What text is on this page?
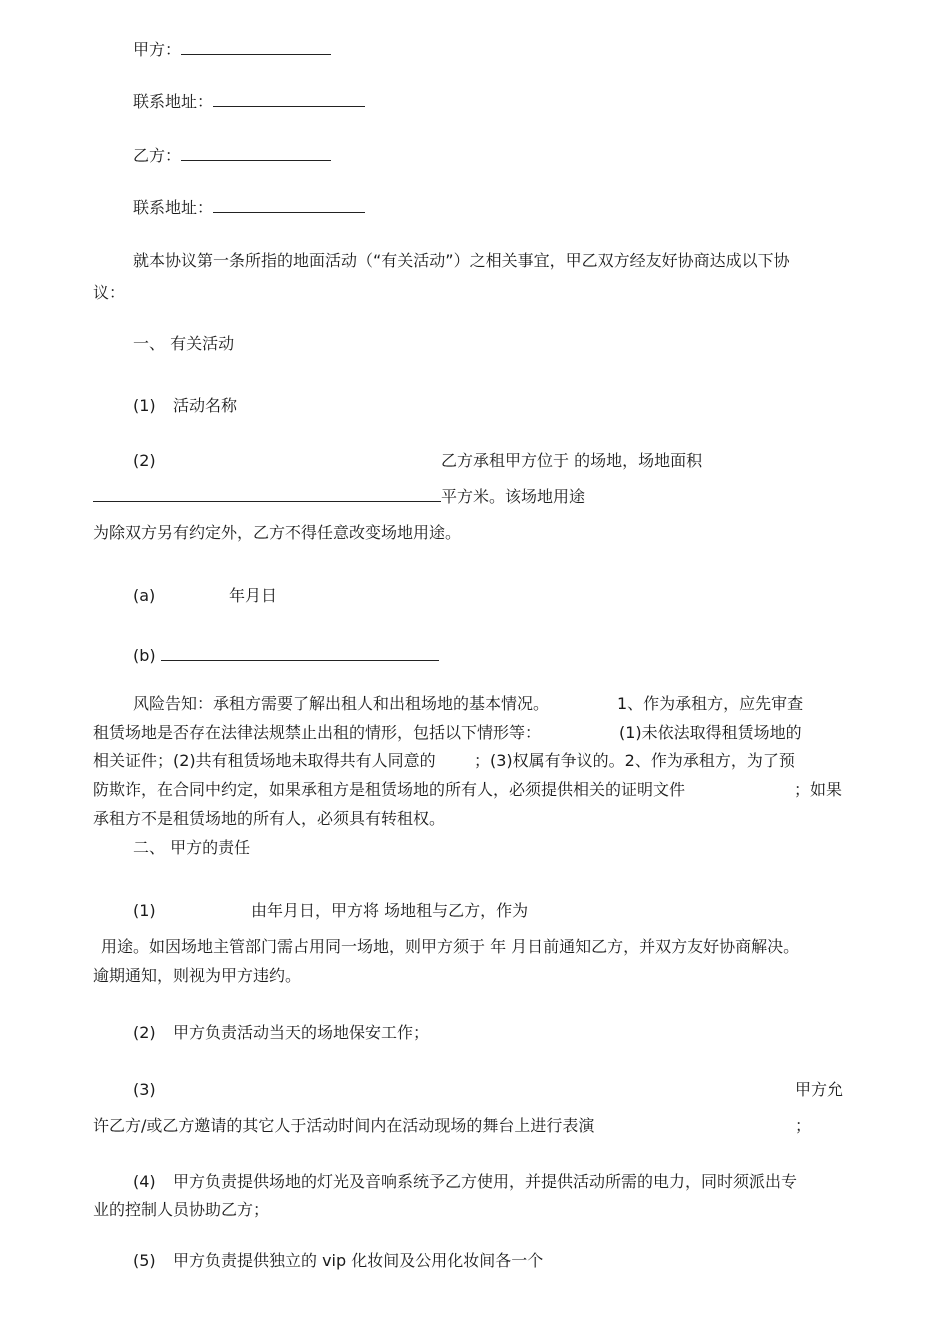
甲方：
联系地址：
乙方：
联系地址：
就本协议第一条所指的地面活动（“有关活动”）之相关事宜，甲乙双方经友好协商达成以下协
议：
一、 有关活动
(1) 活动名称
(2)	乙方承租甲方位于 的场地，场地面积
平方米。该场地用途
为除双方另有约定外，乙方不得任意改变场地用途。
(a)	年月日
(b)
风险告知：承租方需要了解出租人和出租场地的基本情况。	1、作为承租方，应先审查
租赁场地是否存在法律法规禁止出租的情形，包括以下情形等：	(1)未依法取得租赁场地的
相关证件；(2)共有租赁场地未取得共有人同意的 ；(3)权属有争议的。2、作为承租方，为了预
防欺诈，在合同中约定，如果承租方是租赁场地的所有人，必须提供相关的证明文件	；如果
承租方不是租赁场地的所有人，必须具有转租权。
二、 甲方的责任
(1)	由年月日，甲方将 场地租与乙方，作为
用途。如因场地主管部门需占用同一场地，则甲方须于 年 月日前通知乙方，并双方友好协商解决。
逾期通知，则视为甲方违约。
(2) 甲方负责活动当天的场地保安工作；
(3)	甲方允
许乙方/或乙方邀请的其它人于活动时间内在活动现场的舞台上进行表演	；
(4) 甲方负责提供场地的灯光及音响系统予乙方使用，并提供活动所需的电力，同时须派出专
业的控制人员协助乙方；
(5) 甲方负责提供独立的 vip 化妆间及公用化妆间各一个
